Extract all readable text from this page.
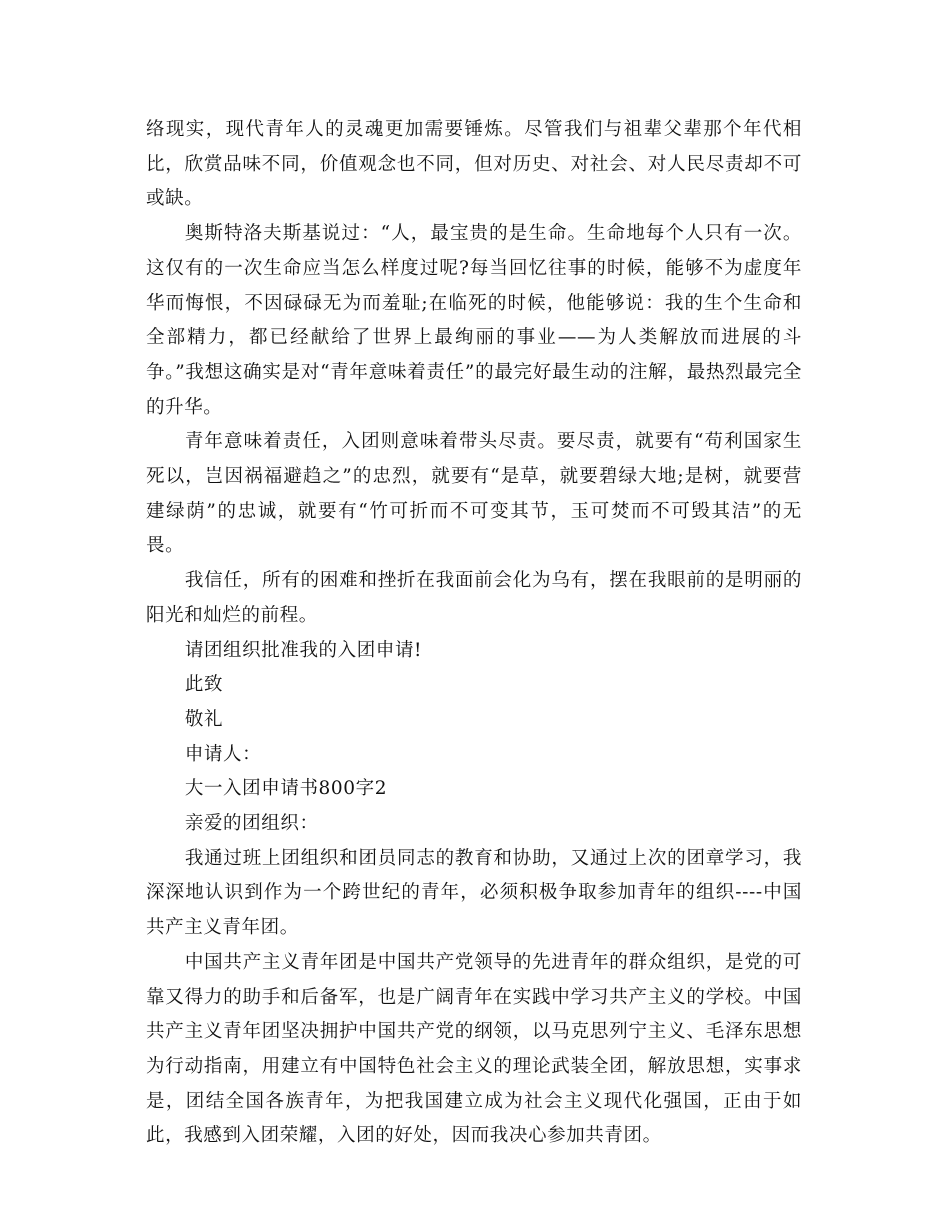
络现实，现代青年人的灵魂更加需要锤炼。尽管我们与祖辈父辈那个年代相比，欣赏品味不同，价值观念也不同，但对历史、对社会、对人民尽责却不可或缺。

奥斯特洛夫斯基说过：“人，最宝贵的是生命。生命地每个人只有一次。这仅有的一次生命应当怎么样度过呢?每当回忆往事的时候，能够不为虚度年华而悔恨，不因碌碌无为而羞耻;在临死的时候，他能够说：我的生个生命和全部精力，都已经献给了世界上最绚丽的事业——为人类解放而进展的斗争。”我想这确实是对“青年意味着责任”的最完好最生动的注解，最热烈最完全的升华。

青年意味着责任，入团则意味着带头尽责。要尽责，就要有“苟利国家生死以，岂因祸福避趋之”的忠烈，就要有“是草，就要碧绿大地;是树，就要营建绿荫”的忠诚，就要有“竹可折而不可变其节，玉可焚而不可毁其洁”的无畏。

我信任，所有的困难和挫折在我面前会化为乌有，摆在我眼前的是明丽的阳光和灿烂的前程。

请团组织批准我的入团申请!

此致

敬礼

申请人：

大一入团申请书800字2

亲爱的团组织：

我通过班上团组织和团员同志的教育和协助，又通过上次的团章学习，我深深地认识到作为一个跨世纪的青年，必须积极争取参加青年的组织----中国共产主义青年团。

中国共产主义青年团是中国共产党领导的先进青年的群众组织，是党的可靠又得力的助手和后备军，也是广阔青年在实践中学习共产主义的学校。中国共产主义青年团坚决拥护中国共产党的纲领，以马克思列宁主义、毛泽东思想为行动指南，用建立有中国特色社会主义的理论武装全团，解放思想，实事求是，团结全国各族青年，为把我国建立成为社会主义现代化强国，正由于如此，我感到入团荣耀，入团的好处，因而我决心参加共青团。
